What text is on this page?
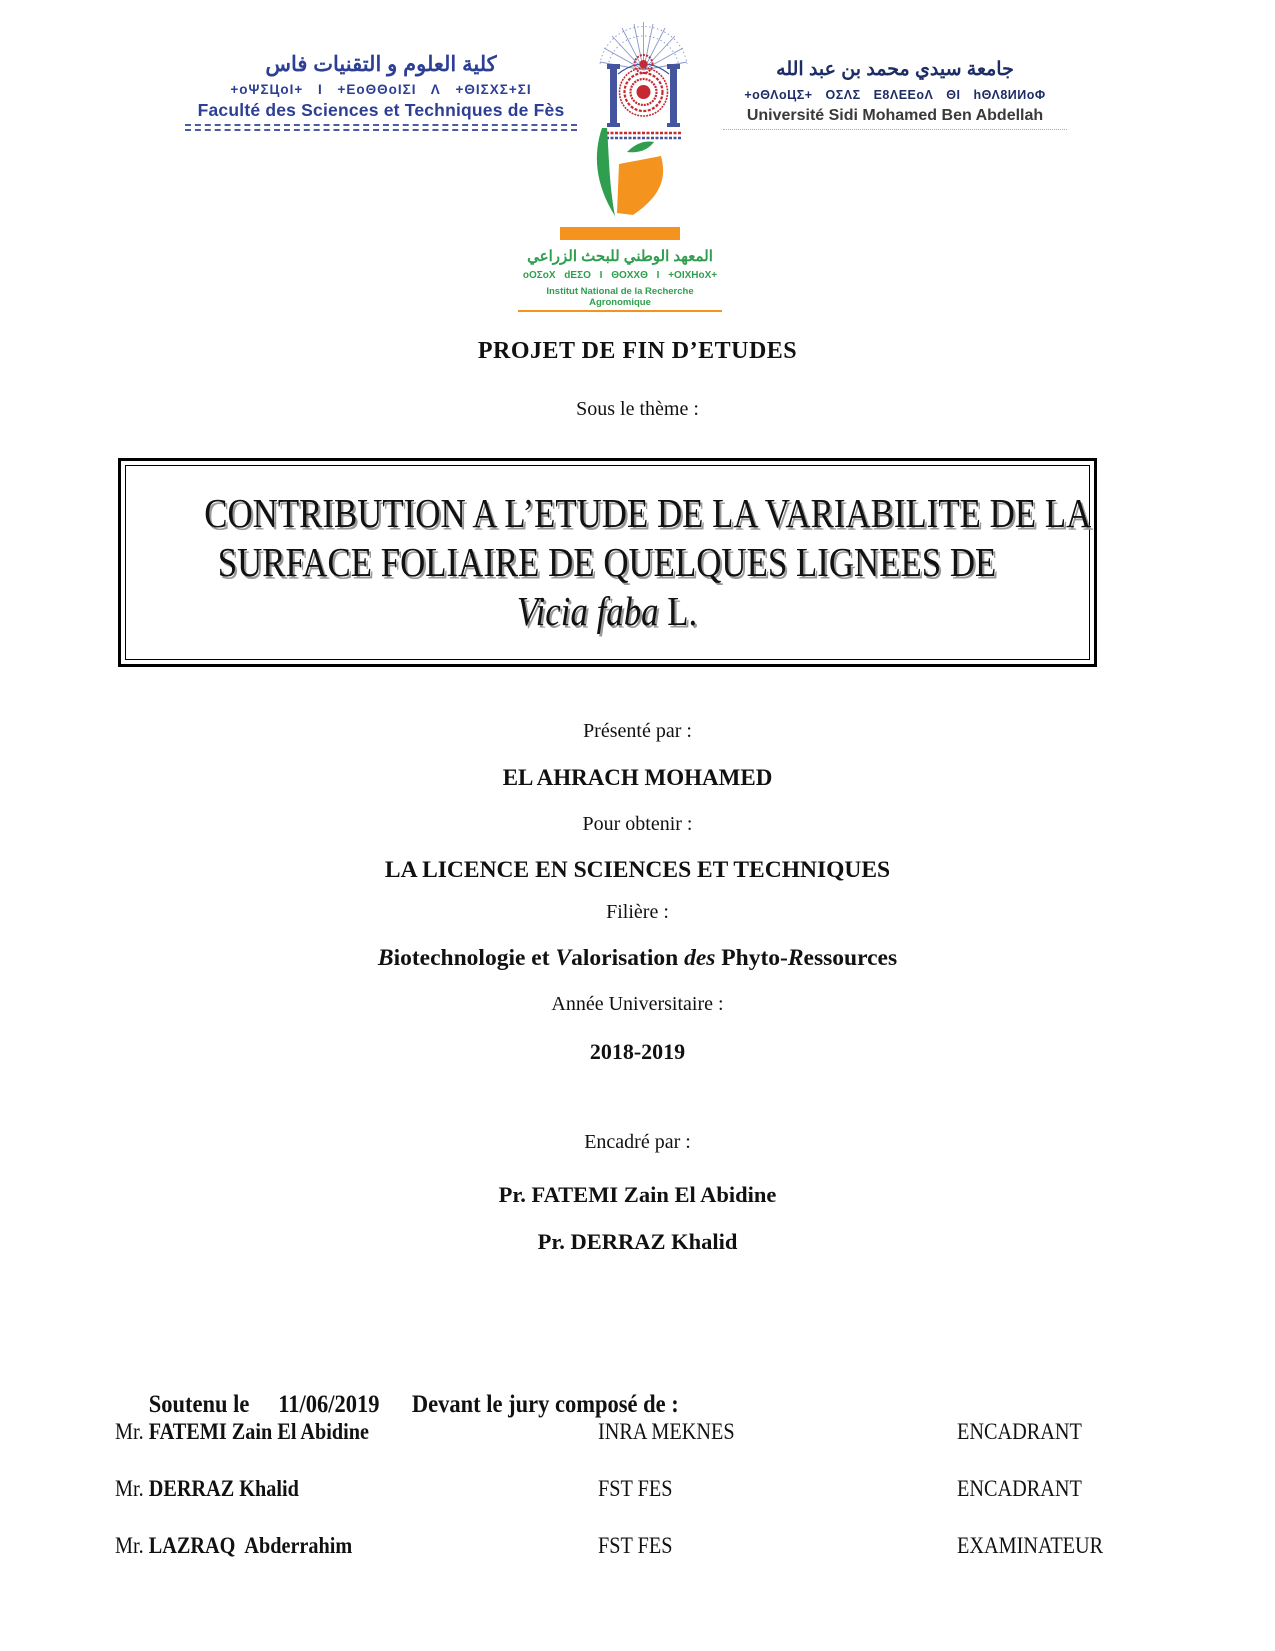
كلية العلوم و التقنيات فاس
+oΨΣЦoΙ+ Ι +ΕoΘΘoΙΣΙ Λ +ΘΙΣΧΣ+ΣΙ
Faculté des Sciences et Techniques de Fès
جامعة سيدي محمد بن عبد الله
+oΘΛoЦΣ+ ΟΣΛΣ Ε8ΛΕΕoΛ ΘΙ hΘΛ8ИИoΦ
Université Sidi Mohamed Ben Abdellah
المعهد الوطني للبحث الزراعي
oΟΣoΧ dΕΣΟ Ι ΘΟΧΧΘ Ι +ΟΙΧΗoΧ+
Institut National de la Recherche Agronomique
PROJET DE FIN D’ETUDES
Sous le thème :
CONTRIBUTION A L’ETUDE DE LA VARIABILITE DE LA
SURFACE FOLIAIRE DE QUELQUES LIGNEES DE
Vicia faba L.
Présenté par :
EL AHRACH MOHAMED
Pour obtenir :
LA LICENCE EN SCIENCES ET TECHNIQUES
Filière :
Biotechnologie et Valorisation des Phyto-Ressources
Année Universitaire :
2018-2019
Encadré par :
Pr. FATEMI Zain El Abidine
Pr. DERRAZ Khalid

Soutenu le 11/06/2019 Devant le jury composé de :

Mr. FATEMI Zain El Abidine	INRA MEKNES	ENCADRANT
Mr. DERRAZ Khalid	FST FES	ENCADRANT
Mr. LAZRAQ  Abderrahim	FST FES	EXAMINATEUR
